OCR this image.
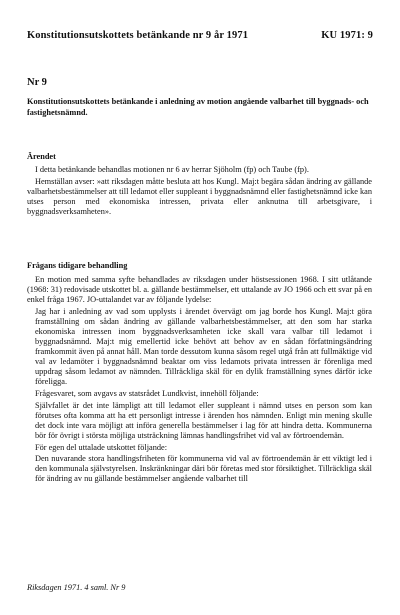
Konstitutionsutskottets betänkande nr 9 år 1971	KU 1971: 9
Nr 9
Konstitutionsutskottets betänkande i anledning av motion angående valbarhet till byggnads- och fastighetsnämnd.
Ärendet

I detta betänkande behandlas motionen nr 6 av herrar Sjöholm (fp) och Taube (fp).

Hemställan avser: »att riksdagen måtte besluta att hos Kungl. Maj:t begära sådan ändring av gällande valbarhetsbestämmelser att till ledamot eller suppleant i byggnadsnämnd eller fastighetsnämnd icke kan utses person med ekonomiska intressen, privata eller anknutna till arbetsgivare, i byggnadsverksamheten».

Frågans tidigare behandling

En motion med samma syfte behandlades av riksdagen under höstsessionen 1968. I sitt utlåtande (1968: 31) redovisade utskottet bl. a. gällande bestämmelser, ett uttalande av JO 1966 och ett svar på en enkel fråga 1967. JO-uttalandet var av följande lydelse:

Jag har i anledning av vad som upplysts i ärendet övervägt om jag borde hos Kungl. Maj:t göra framställning om sådan ändring av gällande valbarhetsbestämmelser, att den som har starka ekonomiska intressen inom byggnadsverksamheten icke skall vara valbar till ledamot i byggnadsnämnd. Maj:t mig emellertid icke behövt att behov av en sådan författningsändring framkommit även på annat håll. Man torde dessutom kunna såsom regel utgå från att fullmäktige vid val av ledamöter i byggnadsnämnd beaktar om viss ledamots privata intressen är förenliga med uppdrag såsom ledamot av nämnden. Tillräckliga skäl för en dylik framställning synes därför icke föreligga.

Frågesvaret, som avgavs av statsrådet Lundkvist, innehöll följande:

Självfallet är det inte lämpligt att till ledamot eller suppleant i nämnd utses en person som kan förutses ofta komma att ha ett personligt intresse i ärenden hos nämnden. Enligt min mening skulle det dock inte vara möjligt att införa generella bestämmelser i lag för att hindra detta. Kommunerna bör för övrigt i största möjliga utsträckning lämnas handlingsfrihet vid val av förtroendemän.

För egen del uttalade utskottet följande:

Den nuvarande stora handlingsfriheten för kommunerna vid val av förtroendemän är ett viktigt led i den kommunala självstyrelsen. Inskränkningar däri bör företas med stor försiktighet. Tillräckliga skäl för ändring av nu gällande bestämmelser angående valbarhet till

Riksdagen 1971. 4 saml. Nr 9
